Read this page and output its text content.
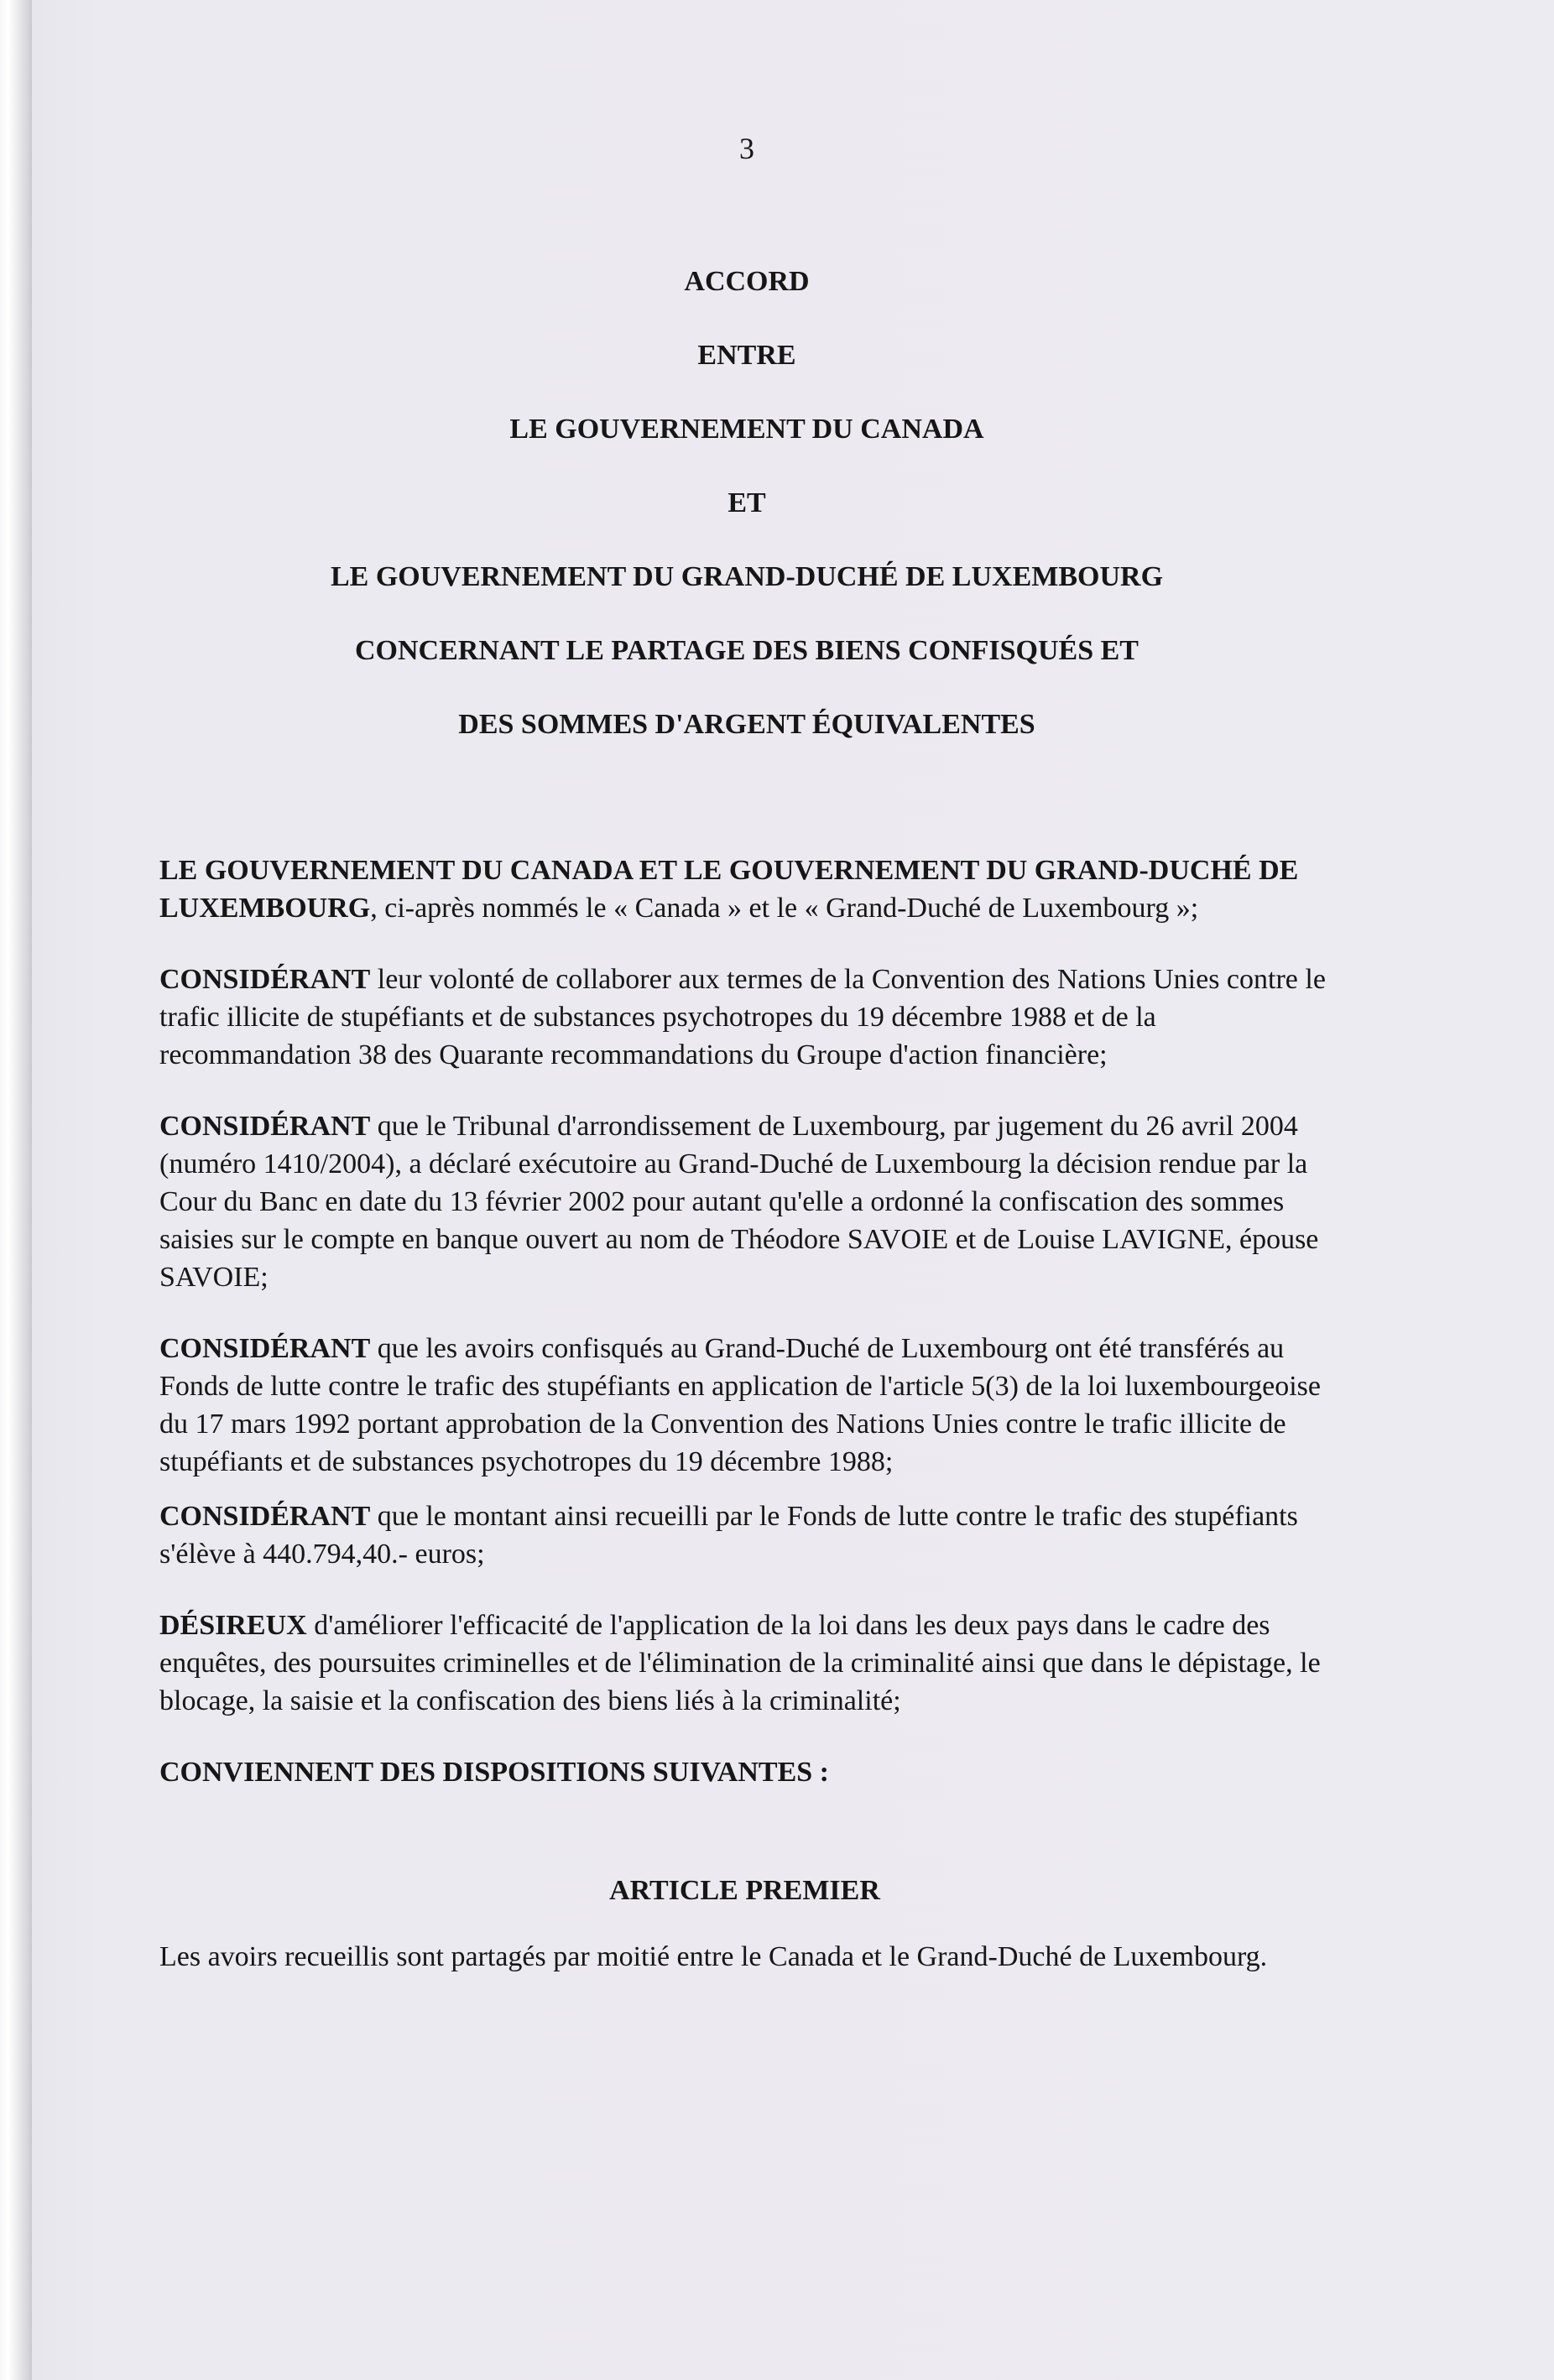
3
ACCORD
ENTRE
LE GOUVERNEMENT DU CANADA
ET
LE GOUVERNEMENT DU GRAND-DUCHÉ DE LUXEMBOURG
CONCERNANT LE PARTAGE DES BIENS CONFISQUÉS ET
DES SOMMES D'ARGENT ÉQUIVALENTES

LE GOUVERNEMENT DU CANADA ET LE GOUVERNEMENT DU GRAND-DUCHÉ DE LUXEMBOURG, ci-après nommés le « Canada » et le « Grand-Duché de Luxembourg »;

CONSIDÉRANT leur volonté de collaborer aux termes de la Convention des Nations Unies contre le trafic illicite de stupéfiants et de substances psychotropes du 19 décembre 1988 et de la recommandation 38 des Quarante recommandations du Groupe d'action financière;

CONSIDÉRANT que le Tribunal d'arrondissement de Luxembourg, par jugement du 26 avril 2004 (numéro 1410/2004), a déclaré exécutoire au Grand-Duché de Luxembourg la décision rendue par la Cour du Banc en date du 13 février 2002 pour autant qu'elle a ordonné la confiscation des sommes saisies sur le compte en banque ouvert au nom de Théodore SAVOIE et de Louise LAVIGNE, épouse SAVOIE;

CONSIDÉRANT que les avoirs confisqués au Grand-Duché de Luxembourg ont été transférés au Fonds de lutte contre le trafic des stupéfiants en application de l'article 5(3) de la loi luxembourgeoise du 17 mars 1992 portant approbation de la Convention des Nations Unies contre le trafic illicite de stupéfiants et de substances psychotropes du 19 décembre 1988;

CONSIDÉRANT que le montant ainsi recueilli par le Fonds de lutte contre le trafic des stupéfiants s'élève à 440.794,40.- euros;

DÉSIREUX d'améliorer l'efficacité de l'application de la loi dans les deux pays dans le cadre des enquêtes, des poursuites criminelles et de l'élimination de la criminalité ainsi que dans le dépistage, le blocage, la saisie et la confiscation des biens liés à la criminalité;

CONVIENNENT DES DISPOSITIONS SUIVANTES :

ARTICLE PREMIER

Les avoirs recueillis sont partagés par moitié entre le Canada et le Grand-Duché de Luxembourg.
